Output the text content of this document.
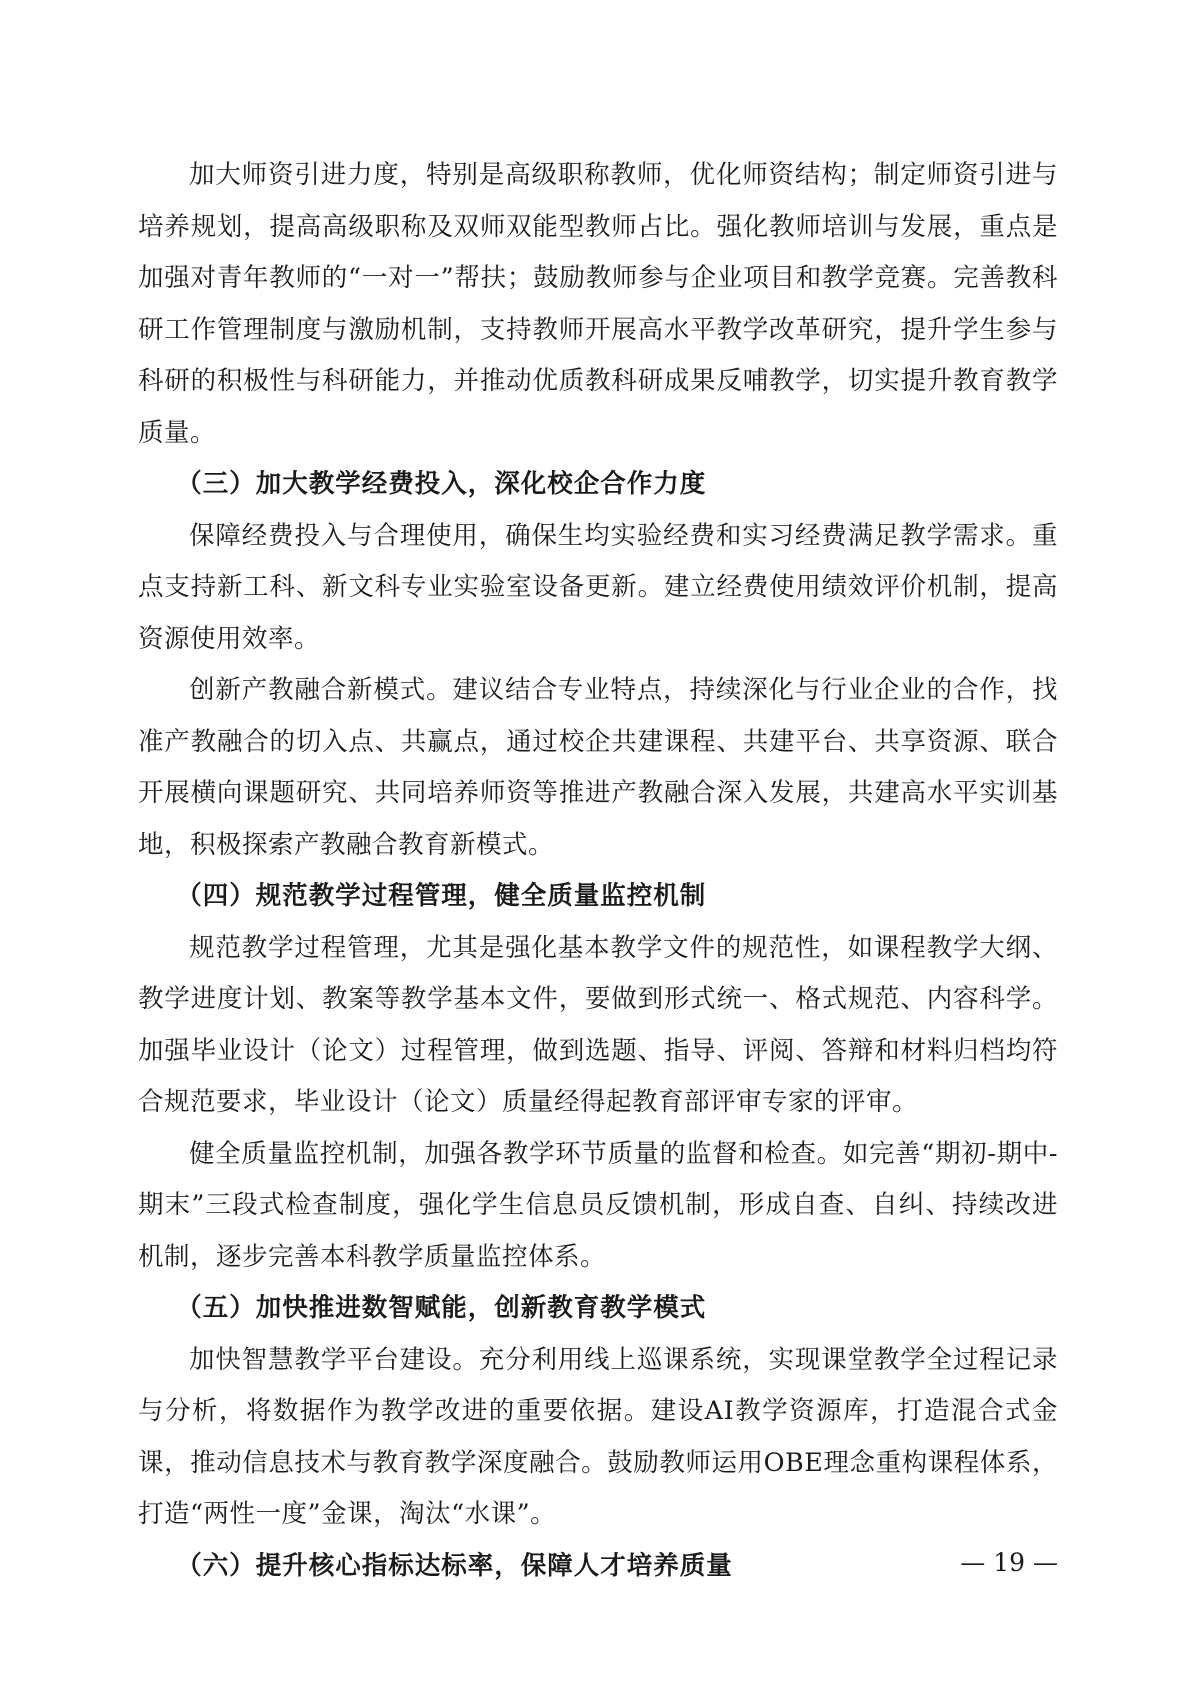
加大师资引进力度，特别是高级职称教师，优化师资结构；制定师资引进与培养规划，提高高级职称及双师双能型教师占比。强化教师培训与发展，重点是加强对青年教师的“一对一”帮扶；鼓励教师参与企业项目和教学竞赛。完善教科研工作管理制度与激励机制，支持教师开展高水平教学改革研究，提升学生参与科研的积极性与科研能力，并推动优质教科研成果反哺教学，切实提升教育教学质量。

（三）加大教学经费投入，深化校企合作力度

保障经费投入与合理使用，确保生均实验经费和实习经费满足教学需求。重点支持新工科、新文科专业实验室设备更新。建立经费使用绩效评价机制，提高资源使用效率。

创新产教融合新模式。建议结合专业特点，持续深化与行业企业的合作，找准产教融合的切入点、共赢点，通过校企共建课程、共建平台、共享资源、联合开展横向课题研究、共同培养师资等推进产教融合深入发展，共建高水平实训基地，积极探索产教融合教育新模式。

（四）规范教学过程管理，健全质量监控机制

规范教学过程管理，尤其是强化基本教学文件的规范性，如课程教学大纲、教学进度计划、教案等教学基本文件，要做到形式统一、格式规范、内容科学。加强毕业设计（论文）过程管理，做到选题、指导、评阅、答辩和材料归档均符合规范要求，毕业设计（论文）质量经得起教育部评审专家的评审。

健全质量监控机制，加强各教学环节质量的监督和检查。如完善“期初-期中-期末”三段式检查制度，强化学生信息员反馈机制，形成自查、自纠、持续改进机制，逐步完善本科教学质量监控体系。

（五）加快推进数智赋能，创新教育教学模式

加快智慧教学平台建设。充分利用线上巡课系统，实现课堂教学全过程记录与分析，将数据作为教学改进的重要依据。建设AI教学资源库，打造混合式金课，推动信息技术与教育教学深度融合。鼓励教师运用OBE理念重构课程体系，打造“两性一度”金课，淘汰“水课”。

（六）提升核心指标达标率，保障人才培养质量	— 19 —
